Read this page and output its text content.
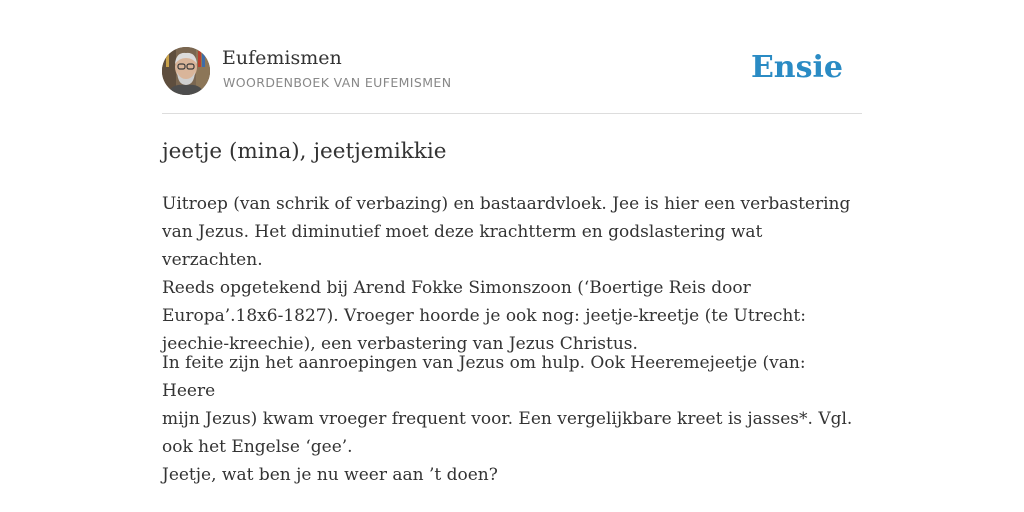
Eufemismen
WOORDENBOEK VAN EUFEMISMEN	Ensie
jeetje (mina), jeetjemikkie

Uitroep (van schrik of verbazing) en bastaardvloek. Jee is hier een verbastering
van Jezus. Het diminutief moet deze krachtterm en godslastering wat verzachten.
Reeds opgetekend bij Arend Fokke Simonszoon (‘Boertige Reis door
Europa’.18x6-1827). Vroeger hoorde je ook nog: jeetje-kreetje (te Utrecht:
jeechie-kreechie), een verbastering van Jezus Christus.

In feite zijn het aanroepingen van Jezus om hulp. Ook Heeremejeetje (van: Heere
mijn Jezus) kwam vroeger frequent voor. Een vergelijkbare kreet is jasses*. Vgl.
ook het Engelse ‘gee’.

Jeetje, wat ben je nu weer aan ’t doen?
